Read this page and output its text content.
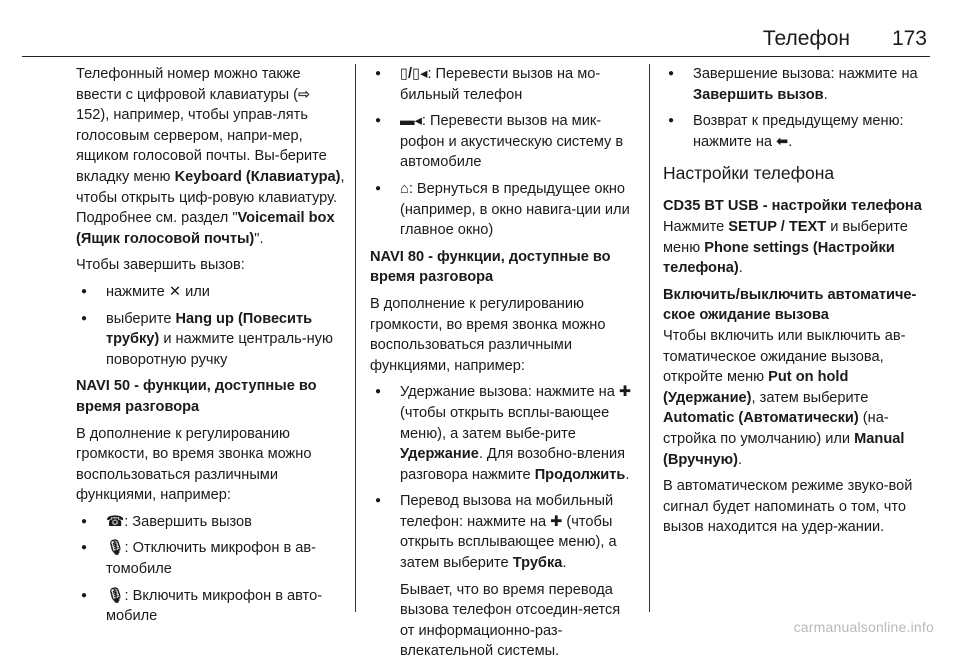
Телефон 173

Телефонный номер можно также ввести с цифровой клавиатуры (⇨ 152), например, чтобы управ-лять голосовым сервером, напри-мер, ящиком голосовой почты. Вы-берите вкладку меню Keyboard (Клавиатура), чтобы открыть циф-ровую клавиатуру. Подробнее см. раздел "Voicemail box (Ящик голосовой почты)".

Чтобы завершить вызов:

● нажмите ✕ или
● выберите Hang up (Повесить трубку) и нажмите централь-ную поворотную ручку

NAVI 50 - функции, доступные во время разговора

В дополнение к регулированию громкости, во время звонка можно воспользоваться различными функциями, например:

● ☎: Завершить вызов
● 🎙: Отключить микрофон в ав-томобиле
● 🎙: Включить микрофон в авто-мобиле
● ▯/▯◂: Перевести вызов на мо-бильный телефон
● ▬◂: Перевести вызов на мик-рофон и акустическую систему в автомобиле
● ⌂: Вернуться в предыдущее окно (например, в окно навига-ции или главное окно)

NAVI 80 - функции, доступные во время разговора

В дополнение к регулированию громкости, во время звонка можно воспользоваться различными функциями, например:

● Удержание вызова: нажмите на ✚ (чтобы открыть всплы-вающее меню), а затем выбе-рите Удержание. Для возобно-вления разговора нажмите Продолжить.
● Перевод вызова на мобильный телефон: нажмите на ✚ (чтобы открыть всплывающее меню), а затем выберите Трубка.

Бывает, что во время перевода вызова телефон отсоедин-яется от информационно-раз-влекательной системы.

● Завершение вызова: нажмите на Завершить вызов.
● Возврат к предыдущему меню: нажмите на ⬅.

Настройки телефона

CD35 BT USB - настройки телефона

Нажмите SETUP / TEXT и выберите меню Phone settings (Настройки телефона).

Включить/выключить автоматиче-ское ожидание вызова

Чтобы включить или выключить ав-томатическое ожидание вызова, откройте меню Put on hold (Удержание), затем выберите Automatic (Автоматически) (на-стройка по умолчанию) или Manual (Вручную).

В автоматическом режиме звуко-вой сигнал будет напоминать о том, что вызов находится на удер-жании.

carmanualsonline.info
